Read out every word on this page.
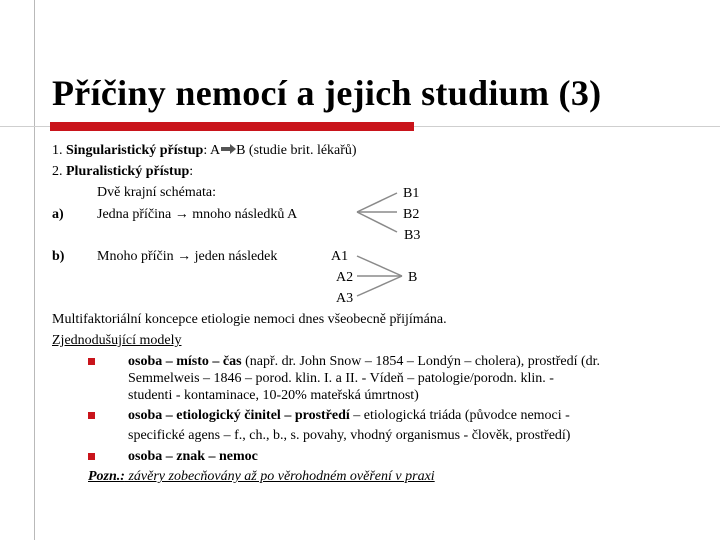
Příčiny nemocí a jejich studium (3)
1. Singularistický přístup: A B (studie brit. lékařů)
2. Pluralistický přístup:
Dvě krajní schémata:
a) Jedna příčina → mnoho následků A
B1
B2
B3
b) Mnoho příčin → jeden následek	A1
A2
A3
B
Multifaktoriální koncepce etiologie nemoci dnes všeobecně přijímána.
Zjednodušující modely
osoba – místo – čas (např. dr. John Snow – 1854 – Londýn – cholera), prostředí (dr.
Semmelweis – 1846 – porod. klin. I. a II. - Vídeň – patologie/porodn. klin. -
studenti - kontaminace, 10-20% mateřská úmrtnost)
osoba – etiologický činitel – prostředí – etiologická triáda (původce nemoci -
specifické agens – f., ch., b., s. povahy, vhodný organismus - člověk, prostředí)
osoba – znak – nemoc
Pozn.: závěry zobecňovány až po věrohodném ověření v praxi
